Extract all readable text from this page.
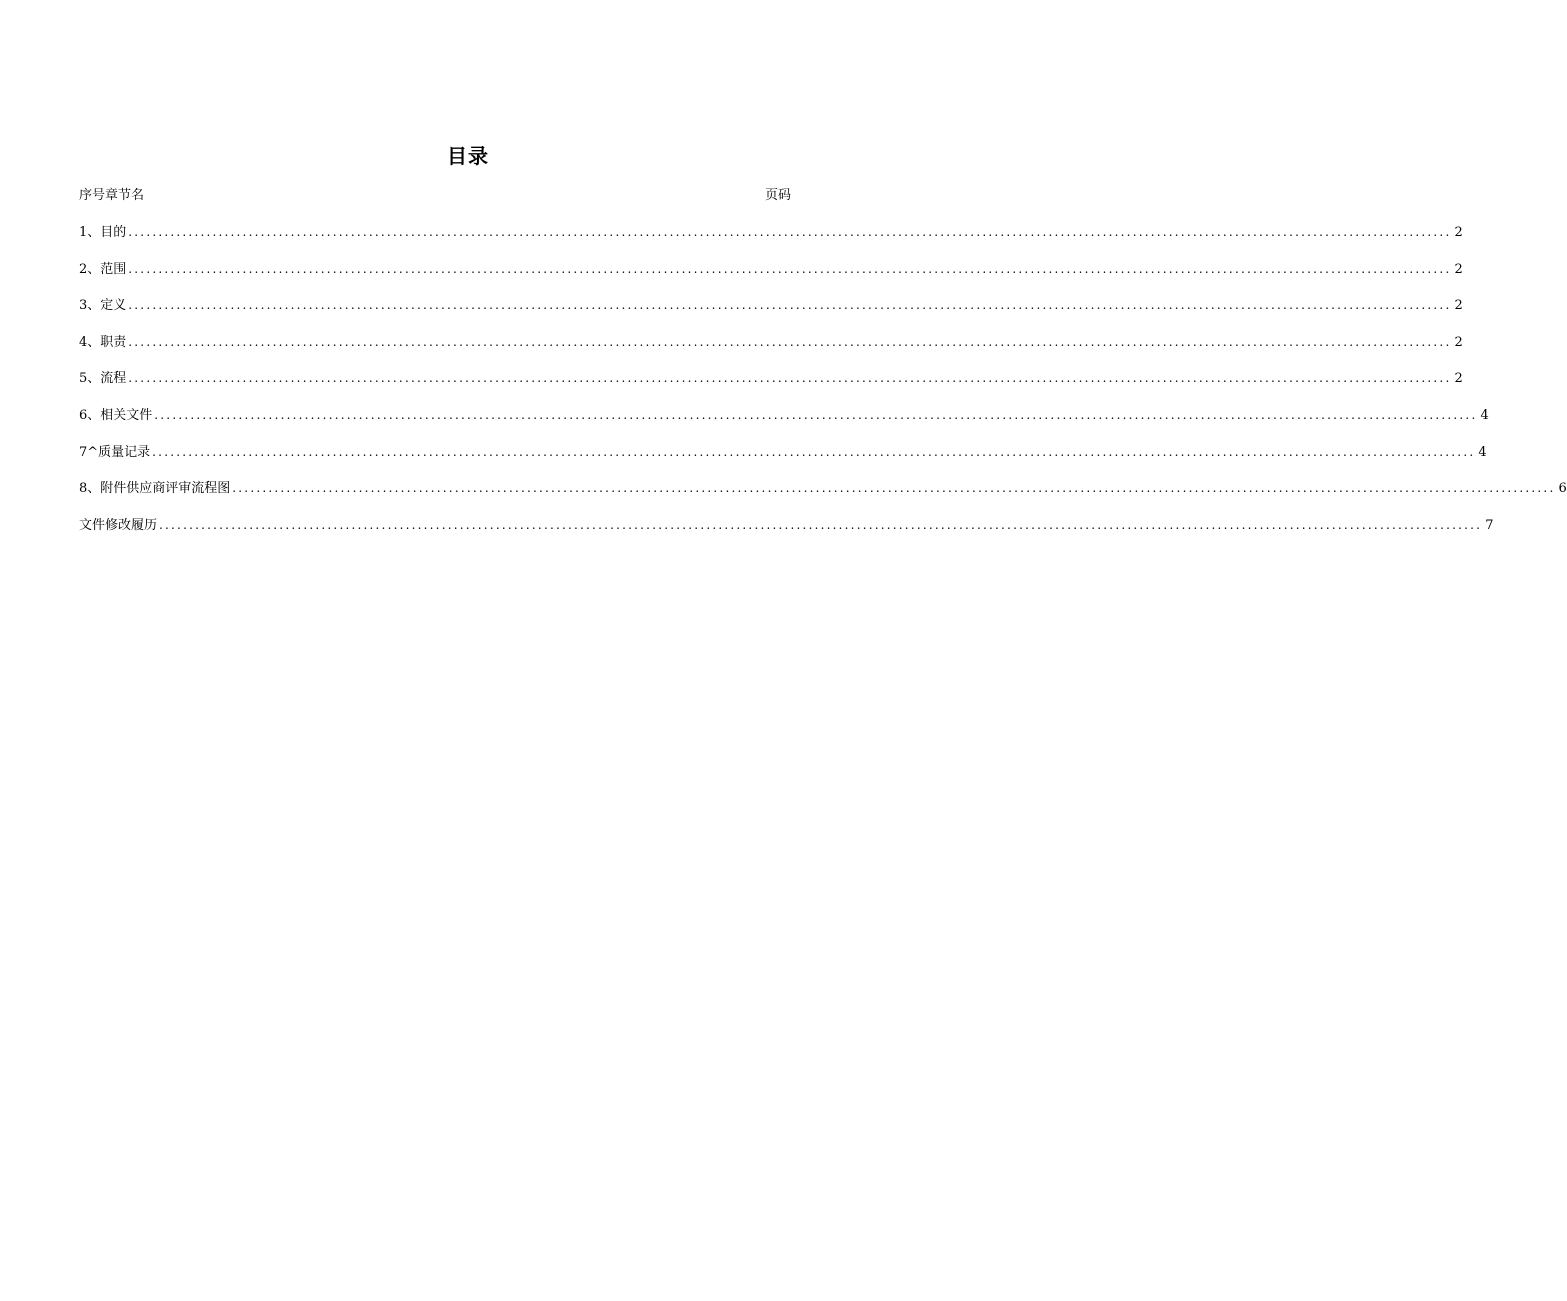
目录
序号章节名	页码
1、目的 ............................................................................................................................................................................................................................ 2
2、范围 ............................................................................................................................................................................................................................ 2
3、定义 ............................................................................................................................................................................................................................ 2
4、职责 ............................................................................................................................................................................................................................ 2
5、流程 ............................................................................................................................................................................................................................ 2
6、相关文件 ............................................................................................................................................................................................................................ 4
7^质量记录 ............................................................................................................................................................................................................................ 4
8、附件供应商评审流程图 ............................................................................................................................................................................................................................ 6
文件修改履历 ............................................................................................................................................................................................................................ 7
